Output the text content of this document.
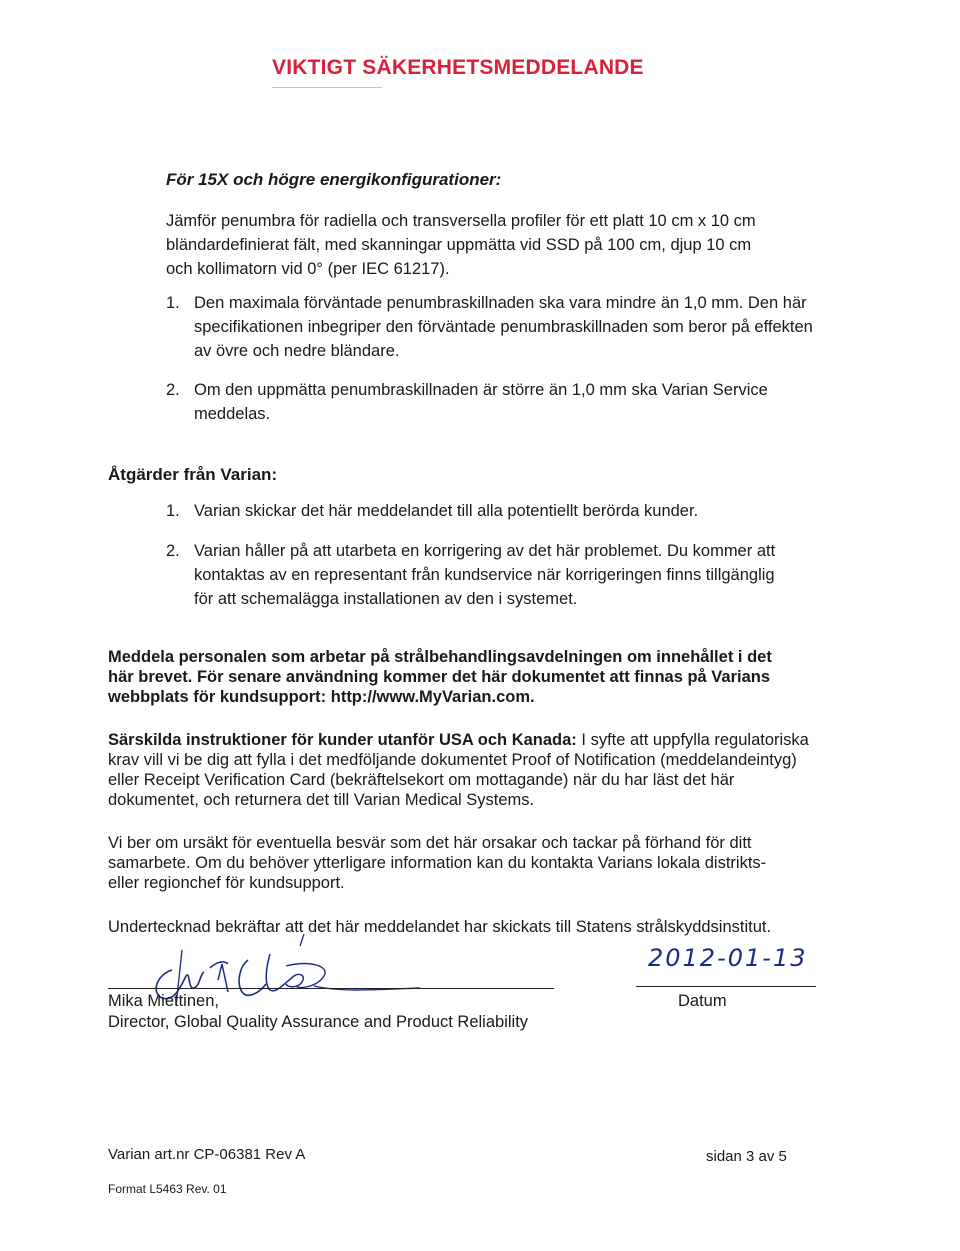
VIKTIGT SÄKERHETSMEDDELANDE
För 15X och högre energikonfigurationer:
Jämför penumbra för radiella och transversella profiler för ett platt 10 cm x 10 cm
bländardefinierat fält, med skanningar uppmätta vid SSD på 100 cm, djup 10 cm
och kollimatorn vid 0° (per IEC 61217).
1. Den maximala förväntade penumbraskillnaden ska vara mindre än 1,0 mm. Den här
specifikationen inbegriper den förväntade penumbraskillnaden som beror på effekten
av övre och nedre bländare.
2. Om den uppmätta penumbraskillnaden är större än 1,0 mm ska Varian Service
meddelas.
Åtgärder från Varian:
1. Varian skickar det här meddelandet till alla potentiellt berörda kunder.
2. Varian håller på att utarbeta en korrigering av det här problemet. Du kommer att
kontaktas av en representant från kundservice när korrigeringen finns tillgänglig
för att schemalägga installationen av den i systemet.
Meddela personalen som arbetar på strålbehandlingsavdelningen om innehållet i det
här brevet. För senare användning kommer det här dokumentet att finnas på Varians
webbplats för kundsupport: http://www.MyVarian.com.
Särskilda instruktioner för kunder utanför USA och Kanada: I syfte att uppfylla regulatoriska
krav vill vi be dig att fylla i det medföljande dokumentet Proof of Notification (meddelandeintyg)
eller Receipt Verification Card (bekräftelsekort om mottagande) när du har läst det här
dokumentet, och returnera det till Varian Medical Systems.
Vi ber om ursäkt för eventuella besvär som det här orsakar och tackar på förhand för ditt
samarbete. Om du behöver ytterligare information kan du kontakta Varians lokala distrikts-
eller regionchef för kundsupport.
Undertecknad bekräftar att det här meddelandet har skickats till Statens strålskyddsinstitut.
Mika Miettinen,
Director, Global Quality Assurance and Product Reliability
2012-01-13
Datum
Varian art.nr CP-06381 Rev A	sidan 3 av 5
Format L5463 Rev. 01
